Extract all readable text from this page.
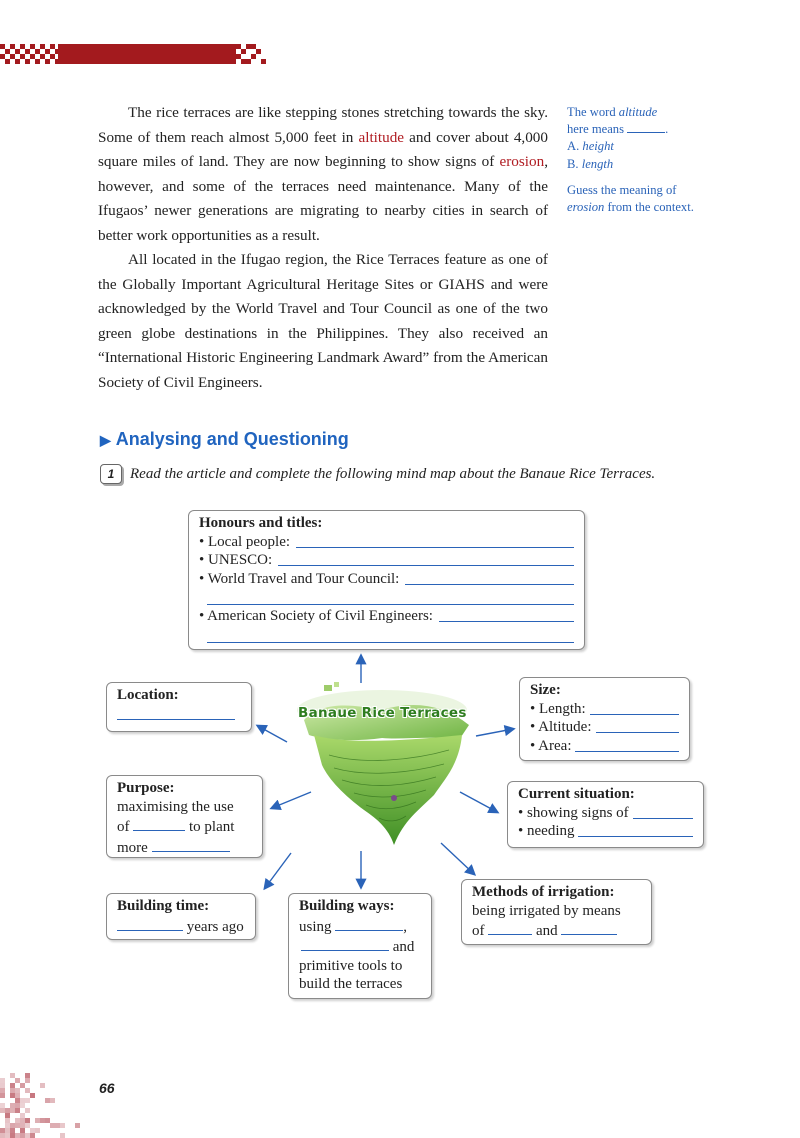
The rice terraces are like stepping stones stretching towards the sky. Some of them reach almost 5,000 feet in altitude and cover about 4,000 square miles of land. They are now beginning to show signs of erosion, however, and some of the terraces need maintenance. Many of the Ifugaos’ newer generations are migrating to nearby cities in search of better work opportunities as a result.

All located in the Ifugao region, the Rice Terraces feature as one of the Globally Important Agricultural Heritage Sites or GIAHS and were acknowledged by the World Travel and Tour Council as one of the two green globe destinations in the Philippines. They also received an “International Historic Engineering Landmark Award” from the American Society of Civil Engineers.

The word altitude
here means	.
A. height
B. length
Guess the meaning of
erosion from the context.
▶ Analysing and Questioning
1 Read the article and complete the following mind map about the Banaue Rice Terraces.
Banaue Rice Terraces
Honours and titles:
• Local people:
• UNESCO:
• World Travel and Tour Council:
• American Society of Civil Engineers:
Location:	Size:
• Length:
• Altitude:
• Area:
Purpose:
maximising the use
of	to plant
more
Current situation:
• showing signs of
• needing
Building time:
years ago
Building ways:
using	,
and
primitive tools to
build the terraces
Methods of irrigation:
being irrigated by means
of	and
66
